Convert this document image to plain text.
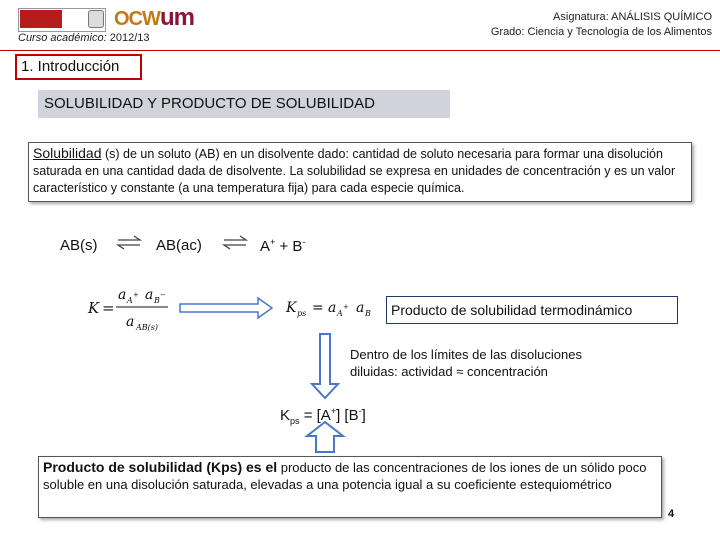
OCW um
Curso académico: 2012/13
Asignatura: ANÁLISIS QUÍMICO
Grado: Ciencia y Tecnología de los Alimentos
1. Introducción
SOLUBILIDAD Y PRODUCTO DE SOLUBILIDAD
Solubilidad (s) de un soluto (AB) en un disolvente dado: cantidad de soluto necesaria para formar una disolución saturada en una cantidad dada de disolvente. La solubilidad se expresa en unidades de concentración y es un valor característico y constante (a una temperatura fija) para cada especie química.
AB(s)	AB(ac)	A+ + B-
K =
a A
+ a B
−
a AB(s)
K ps = a A
+ a B	Producto de solubilidad termodinámico
Dentro de los límites de las disoluciones
diluidas: actividad ≈ concentración
$K_{ps} = [A^+]$ [B-]
Producto de solubilidad (Kps) es el producto de las concentraciones de los iones de un sólido poco soluble en una disolución saturada, elevadas a una potencia igual a su coeficiente estequiométrico
4
